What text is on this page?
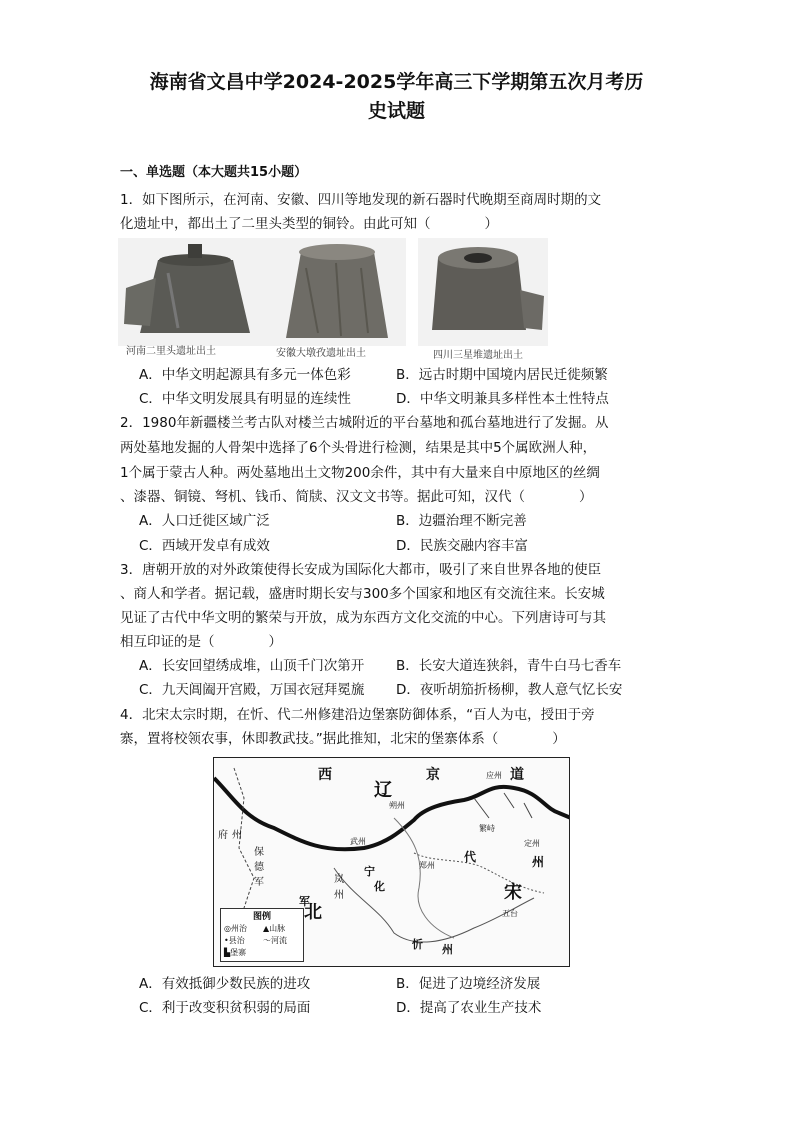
海南省文昌中学2024-2025学年高三下学期第五次月考历
史试题
一、单选题（本大题共15小题）
1．如下图所示，在河南、安徽、四川等地发现的新石器时代晚期至商周时期的文
化遗址中，都出土了二里头类型的铜铃。由此可知（　　　　）
河南二里头遗址出土	安徽大墩孜遗址出土	四川三星堆遗址出土
A．中华文明起源具有多元一体色彩	B．远古时期中国境内居民迁徙频繁
C．中华文明发展具有明显的连续性	D．中华文明兼具多样性本土性特点
2．1980年新疆楼兰考古队对楼兰古城附近的平台墓地和孤台墓地进行了发掘。从
两处墓地发掘的人骨架中选择了6个头骨进行检测，结果是其中5个属欧洲人种，
1个属于蒙古人种。两处墓地出土文物200余件，其中有大量来自中原地区的丝绸
、漆器、铜镜、弩机、钱币、简牍、汉文文书等。据此可知，汉代（　　　　）
A．人口迁徙区域广泛	B．边疆治理不断完善
C．西域开发卓有成效	D．民族交融内容丰富
3．唐朝开放的对外政策使得长安成为国际化大都市，吸引了来自世界各地的使臣
、商人和学者。据记载，盛唐时期长安与300多个国家和地区有交流往来。长安城
见证了古代中华文明的繁荣与开放，成为东西方文化交流的中心。下列唐诗可与其
相互印证的是（　　　　）
A．长安回望绣成堆，山顶千门次第开 B．长安大道连狭斜，青牛白马七香车
C．九天阊阖开宫殿，万国衣冠拜冕旒 D．夜听胡笳折杨柳，教人意气忆长安
4．北宋太宗时期，在忻、代二州修建沿边堡寨防御体系，“百人为屯，授田于旁
寨，置将校领农事，休即教武技。”据此推知，北宋的堡寨体系（　　　　）
西
辽
京	道
北
宋
代	州
宁
化
军
忻 州
府 州
保
德
军	岚
州
应州
朔州
武州
郑州
五台
定州
繁峙
图例
◎州治 ▲山脉
•县治 ～河流
▙堡寨
A．有效抵御少数民族的进攻	B．促进了边境经济发展
C．利于改变积贫积弱的局面	D．提高了农业生产技术
